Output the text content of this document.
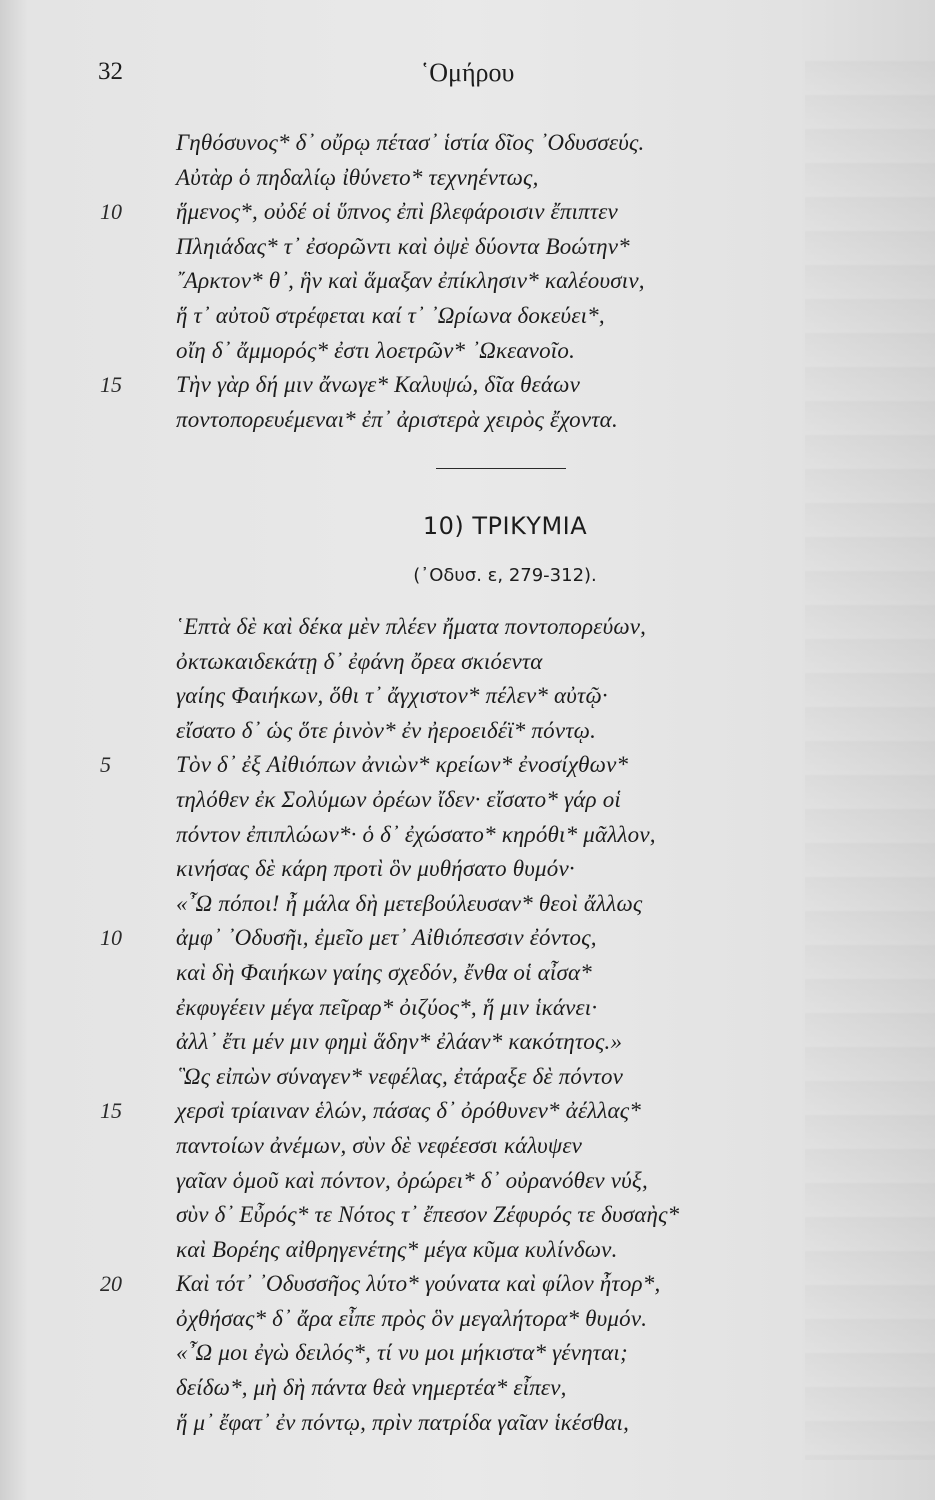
32	῾Ομήρου
Γηθόσυνος* δ᾽ οὔρῳ πέτασ᾽ ἱστία δῖος ᾽Οδυσσεύς.
Αὐτὰρ ὁ πηδαλίῳ ἰθύνετο* τεχνηέντως,
10 ἥμενος*, οὐδέ οἱ ὕπνος ἐπὶ βλεφάροισιν ἔπιπτεν
Πληιάδας* τ᾽ ἐσορῶντι καὶ ὀψὲ δύοντα Βοώτην*
῎Αρκτον* θ᾽, ἣν καὶ ἅμαξαν ἐπίκλησιν* καλέουσιν,
ἥ τ᾽ αὐτοῦ στρέφεται καί τ᾽ ᾽Ωρίωνα δοκεύει*,
οἴη δ᾽ ἄμμορός* ἐστι λοετρῶν* ᾽Ωκεανοῖο.
15 Τὴν γὰρ δή μιν ἄνωγε* Καλυψώ, δῖα θεάων
ποντοπορευέμεναι* ἐπ᾽ ἀριστερὰ χειρὸς ἔχοντα.
10) ΤΡΙΚΥΜΙΑ
(᾽Οδυσ. ε, 279-312).
῾Επτὰ δὲ καὶ δέκα μὲν πλέεν ἤματα ποντοπορεύων,
ὀκτωκαιδεκάτῃ δ᾽ ἐφάνη ὄρεα σκιόεντα
γαίης Φαιήκων, ὅθι τ᾽ ἄγχιστον* πέλεν* αὐτῷ·
εἴσατο δ᾽ ὡς ὅτε ῥινὸν* ἐν ἠεροειδέϊ* πόντῳ.
5	Τὸν δ᾽ ἐξ Αἰθιόπων ἀνιὼν* κρείων* ἐνοσίχθων*
τηλόθεν ἐκ Σολύμων ὀρέων ἴδεν· εἴσατο* γάρ οἱ
πόντον ἐπιπλώων*· ὁ δ᾽ ἐχώσατο* κηρόθι* μᾶλλον,
κινήσας δὲ κάρη προτὶ ὃν μυθήσατο θυμόν·
«῏Ω πόποι! ἦ μάλα δὴ μετεβούλευσαν* θεοὶ ἄλλως
10 ἀμφ᾽ ᾽Οδυσῆι, ἐμεῖο μετ᾽ Αἰθιόπεσσιν ἐόντος,
καὶ δὴ Φαιήκων γαίης σχεδόν, ἔνθα οἱ αἶσα*
ἐκφυγέειν μέγα πεῖραρ* ὀιζύος*, ἥ μιν ἱκάνει·
ἀλλ᾽ ἔτι μέν μιν φημὶ ἅδην* ἐλάαν* κακότητος.»
῝Ως εἰπὼν σύναγεν* νεφέλας, ἐτάραξε δὲ πόντον
15 χερσὶ τρίαιναν ἑλών, πάσας δ᾽ ὀρόθυνεν* ἀέλλας*
παντοίων ἀνέμων, σὺν δὲ νεφέεσσι κάλυψεν
γαῖαν ὁμοῦ καὶ πόντον, ὀρώρει* δ᾽ οὐρανόθεν νύξ,
σὺν δ᾽ Εὖρός* τε Νότος τ᾽ ἔπεσον Ζέφυρός τε δυσαὴς*
καὶ Βορέης αἰθρηγενέτης* μέγα κῦμα κυλίνδων.
20 Καὶ τότ᾽ ᾽Οδυσσῆος λύτο* γούνατα καὶ φίλον ἦτορ*,
ὀχθήσας* δ᾽ ἄρα εἶπε πρὸς ὃν μεγαλήτορα* θυμόν.
«῏Ω μοι ἐγὼ δειλός*, τί νυ μοι μήκιστα* γένηται;
δείδω*, μὴ δὴ πάντα θεὰ νημερτέα* εἶπεν,
ἥ μ᾽ ἔφατ᾽ ἐν πόντῳ, πρὶν πατρίδα γαῖαν ἱκέσθαι,
